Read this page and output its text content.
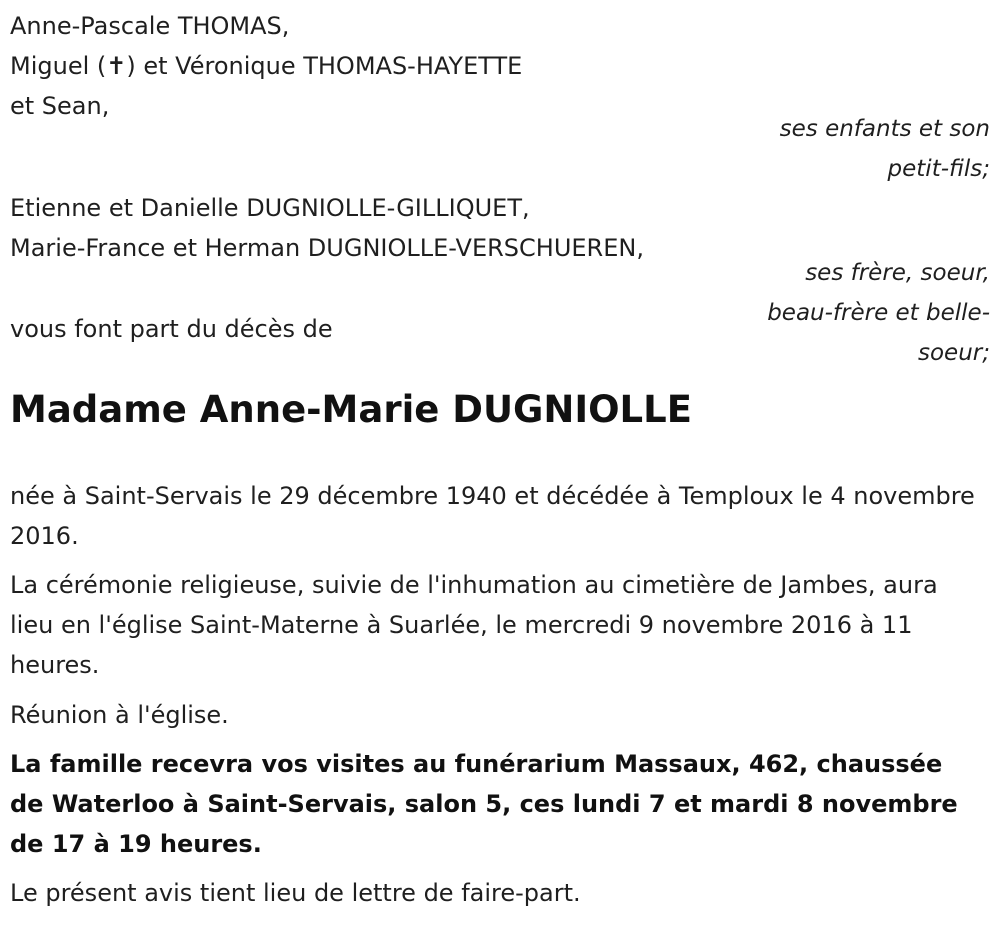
Anne-Pascale THOMAS,
Miguel (✝) et Véronique THOMAS-HAYETTE
et Sean,
ses enfants et son
petit-fils;
Etienne et Danielle DUGNIOLLE-GILLIQUET,
Marie-France et Herman DUGNIOLLE-VERSCHUEREN,
ses frère, soeur,
beau-frère et belle-
soeur;
vous font part du décès de
Madame Anne-Marie DUGNIOLLE
née à Saint-Servais le 29 décembre 1940 et décédée à Temploux le 4 novembre 2016.
La cérémonie religieuse, suivie de l'inhumation au cimetière de Jambes, aura lieu en l'église Saint-Materne à Suarlée, le mercredi 9 novembre 2016 à 11 heures.
Réunion à l'église.
La famille recevra vos visites au funérarium Massaux, 462, chaussée de Waterloo à Saint-Servais, salon 5, ces lundi 7 et mardi 8 novembre de 17 à 19 heures.
Le présent avis tient lieu de lettre de faire-part.
